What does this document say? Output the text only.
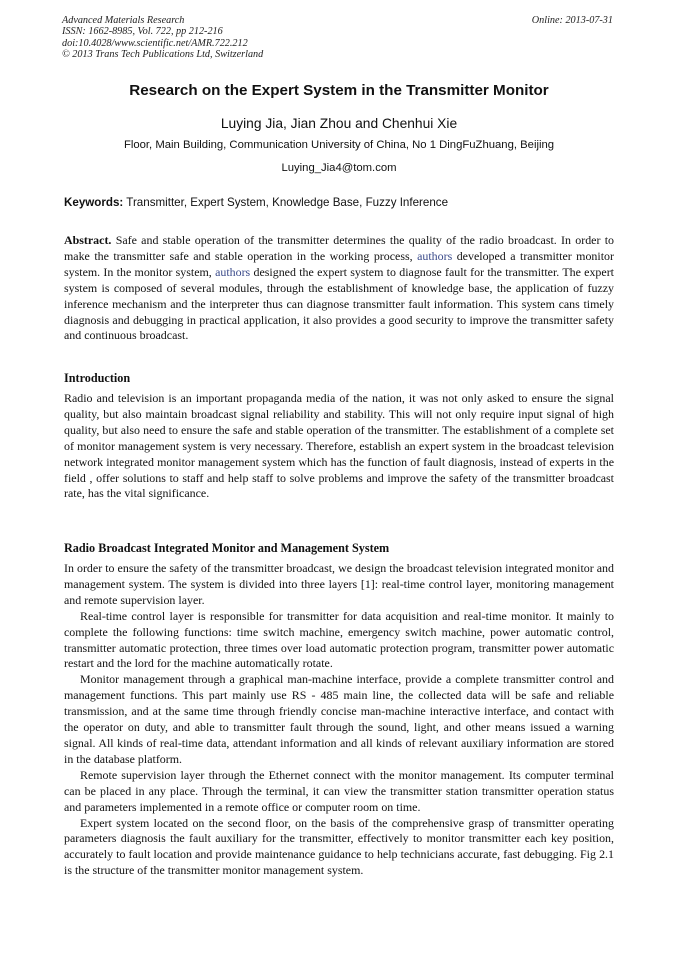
Advanced Materials Research
ISSN: 1662-8985, Vol. 722, pp 212-216
doi:10.4028/www.scientific.net/AMR.722.212
© 2013 Trans Tech Publications Ltd, Switzerland
Online: 2013-07-31
Research on the Expert System in the Transmitter Monitor
Luying Jia, Jian Zhou and Chenhui Xie
Floor, Main Building, Communication University of China, No 1 DingFuZhuang, Beijing
Luying_Jia4@tom.com
Keywords: Transmitter, Expert System, Knowledge Base, Fuzzy Inference

Abstract. Safe and stable operation of the transmitter determines the quality of the radio broadcast. In order to make the transmitter safe and stable operation in the working process, authors developed a transmitter monitor system. In the monitor system, authors designed the expert system to diagnose fault for the transmitter. The expert system is composed of several modules, through the establishment of knowledge base, the application of fuzzy inference mechanism and the interpreter thus can diagnose transmitter fault information. This system cans timely diagnosis and debugging in practical application, it also provides a good security to improve the transmitter safety and continuous broadcast.

Introduction

Radio and television is an important propaganda media of the nation, it was not only asked to ensure the signal quality, but also maintain broadcast signal reliability and stability. This will not only require input signal of high quality, but also need to ensure the safe and stable operation of the transmitter. The establishment of a complete set of monitor management system is very necessary. Therefore, establish an expert system in the broadcast television network integrated monitor management system which has the function of fault diagnosis, instead of experts in the field , offer solutions to staff and help staff to solve problems and improve the safety of the transmitter broadcast rate, has the vital significance.

Radio Broadcast Integrated Monitor and Management System

In order to ensure the safety of the transmitter broadcast, we design the broadcast television integrated monitor and management system. The system is divided into three layers [1]: real-time control layer, monitoring management and remote supervision layer.

Real-time control layer is responsible for transmitter for data acquisition and real-time monitor. It mainly to complete the following functions: time switch machine, emergency switch machine, power automatic control, transmitter automatic protection, three times over load automatic protection program, transmitter power automatic restart and the lord for the machine automatically rotate.

Monitor management through a graphical man-machine interface, provide a complete transmitter control and management functions. This part mainly use RS - 485 main line, the collected data will be safe and reliable transmission, and at the same time through friendly concise man-machine interactive interface, and contact with the operator on duty, and able to transmitter fault through the sound, light, and other means issued a warning signal. All kinds of real-time data, attendant information and all kinds of relevant auxiliary information are stored in the database platform.

Remote supervision layer through the Ethernet connect with the monitor management. Its computer terminal can be placed in any place. Through the terminal, it can view the transmitter station transmitter operation status and parameters implemented in a remote office or computer room on time.

Expert system located on the second floor, on the basis of the comprehensive grasp of transmitter operating parameters diagnosis the fault auxiliary for the transmitter, effectively to monitor transmitter each key position, accurately to fault location and provide maintenance guidance to help technicians accurate, fast debugging. Fig 2.1 is the structure of the transmitter monitor management system.
